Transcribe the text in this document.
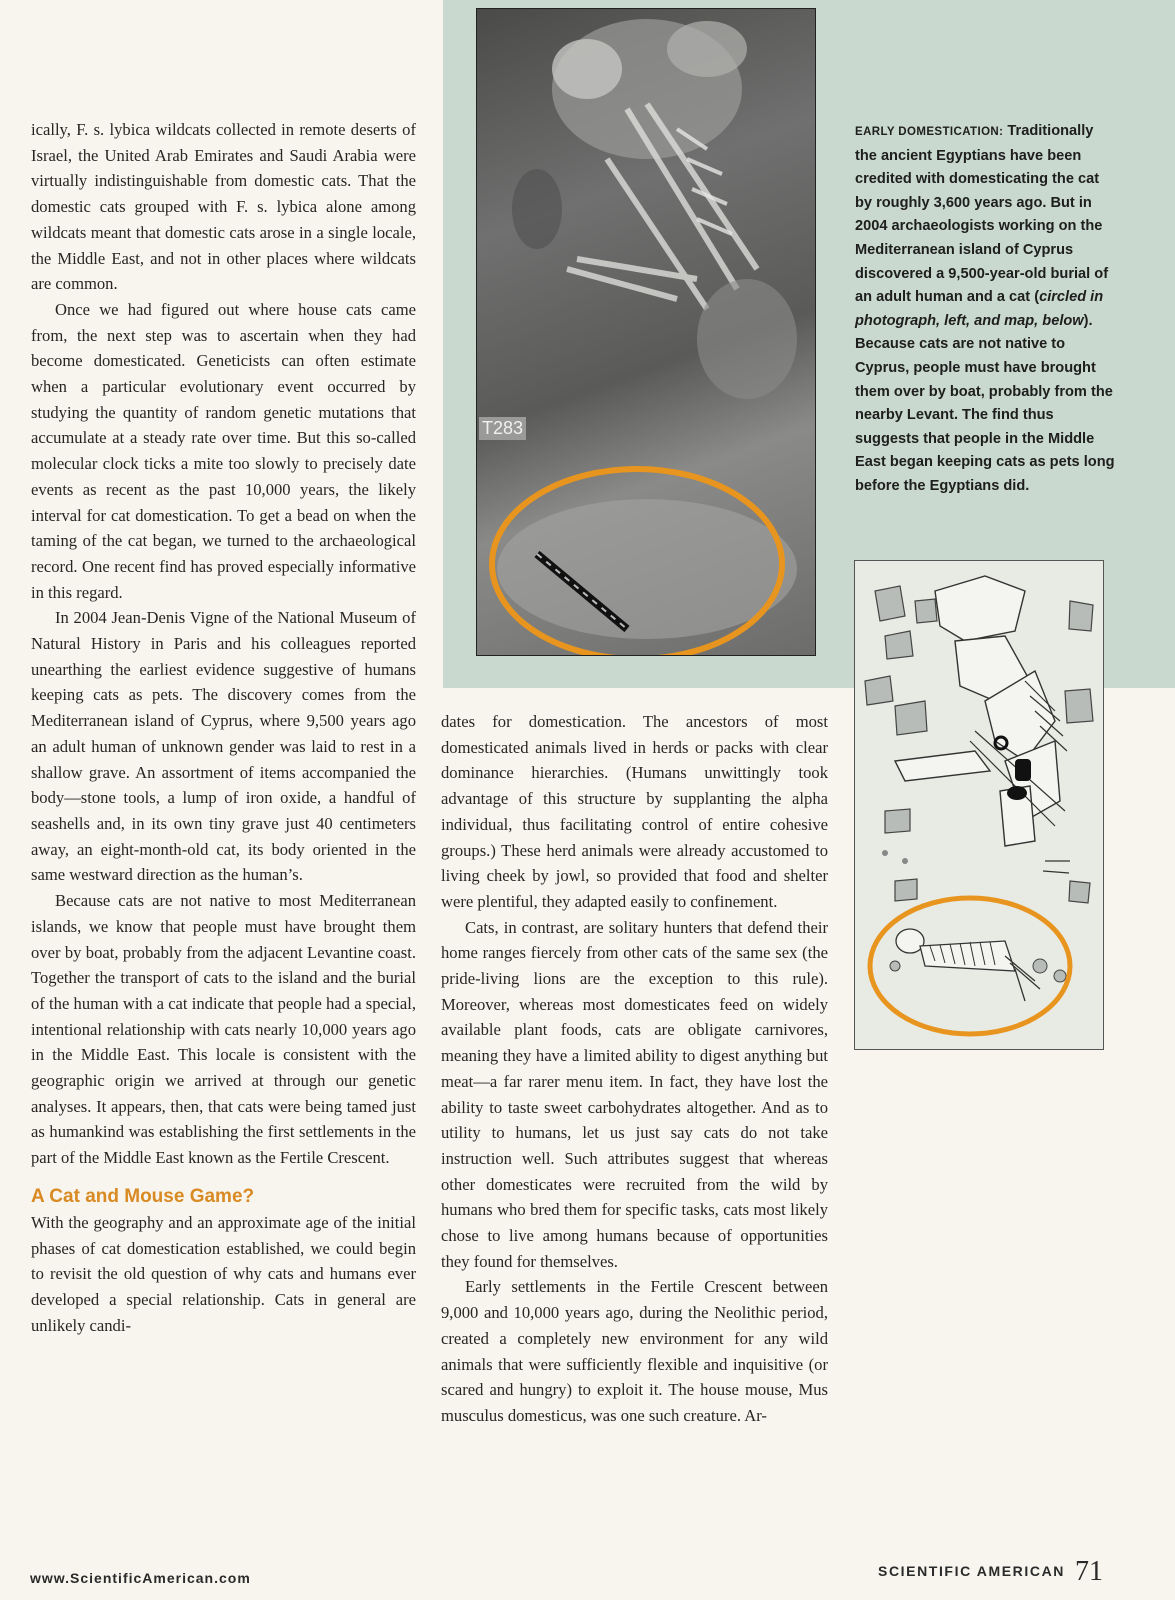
ically, F. s. lybica wildcats collected in remote deserts of Israel, the United Arab Emirates and Saudi Arabia were virtually indistinguishable from domestic cats. That the domestic cats grouped with F. s. lybica alone among wildcats meant that domestic cats arose in a single locale, the Middle East, and not in other places where wildcats are common.

Once we had figured out where house cats came from, the next step was to ascertain when they had become domesticated. Geneticists can often estimate when a particular evolutionary event occurred by studying the quantity of random genetic mutations that accumulate at a steady rate over time. But this so-called molecular clock ticks a mite too slowly to precisely date events as recent as the past 10,000 years, the likely interval for cat domestication. To get a bead on when the taming of the cat began, we turned to the archaeological record. One recent find has proved especially informative in this regard.

In 2004 Jean-Denis Vigne of the National Museum of Natural History in Paris and his colleagues reported unearthing the earliest evidence suggestive of humans keeping cats as pets. The discovery comes from the Mediterranean island of Cyprus, where 9,500 years ago an adult human of unknown gender was laid to rest in a shallow grave. An assortment of items accompanied the body—stone tools, a lump of iron oxide, a handful of seashells and, in its own tiny grave just 40 centimeters away, an eight-month-old cat, its body oriented in the same westward direction as the human’s.

Because cats are not native to most Mediterranean islands, we know that people must have brought them over by boat, probably from the adjacent Levantine coast. Together the transport of cats to the island and the burial of the human with a cat indicate that people had a special, intentional relationship with cats nearly 10,000 years ago in the Middle East. This locale is consistent with the geographic origin we arrived at through our genetic analyses. It appears, then, that cats were being tamed just as humankind was establishing the first settlements in the part of the Middle East known as the Fertile Crescent.

A Cat and Mouse Game?

With the geography and an approximate age of the initial phases of cat domestication established, we could begin to revisit the old question of why cats and humans ever developed a special relationship. Cats in general are unlikely candi-

T283
EARLY DOMESTICATION: Traditionally the ancient Egyptians have been credited with domesticating the cat by roughly 3,600 years ago. But in 2004 archaeologists working on the Mediterranean island of Cyprus discovered a 9,500-year-old burial of an adult human and a cat (circled in photograph, left, and map, below). Because cats are not native to Cyprus, people must have brought them over by boat, probably from the nearby Levant. The find thus suggests that people in the Middle East began keeping cats as pets long before the Egyptians did.

dates for domestication. The ancestors of most domesticated animals lived in herds or packs with clear dominance hierarchies. (Humans unwittingly took advantage of this structure by supplanting the alpha individual, thus facilitating control of entire cohesive groups.) These herd animals were already accustomed to living cheek by jowl, so provided that food and shelter were plentiful, they adapted easily to confinement.

Cats, in contrast, are solitary hunters that defend their home ranges fiercely from other cats of the same sex (the pride-living lions are the exception to this rule). Moreover, whereas most domesticates feed on widely available plant foods, cats are obligate carnivores, meaning they have a limited ability to digest anything but meat—a far rarer menu item. In fact, they have lost the ability to taste sweet carbohydrates altogether. And as to utility to humans, let us just say cats do not take instruction well. Such attributes suggest that whereas other domesticates were recruited from the wild by humans who bred them for specific tasks, cats most likely chose to live among humans because of opportunities they found for themselves.

Early settlements in the Fertile Crescent between 9,000 and 10,000 years ago, during the Neolithic period, created a completely new environment for any wild animals that were sufficiently flexible and inquisitive (or scared and hungry) to exploit it. The house mouse, Mus musculus domesticus, was one such creature. Ar-

www.ScientificAmerican.com	SCIENTIFIC AMERICAN 71
